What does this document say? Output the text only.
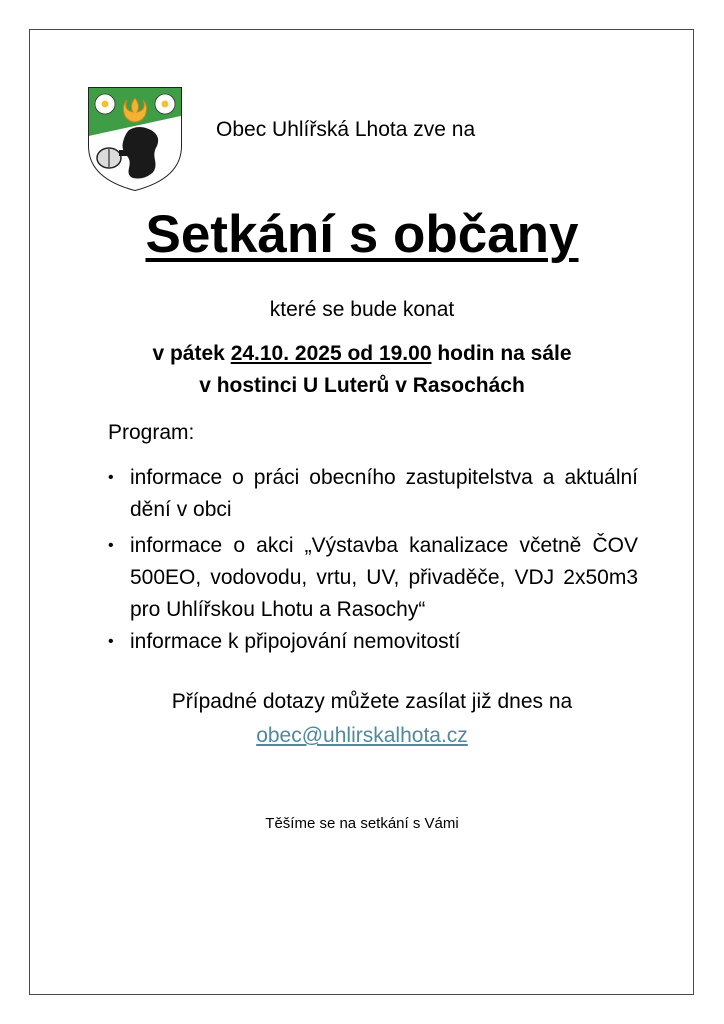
Obec Uhlířská Lhota zve na
Setkání s občany
které se bude konat
v pátek 24.10. 2025 od 19.00 hodin na sále
v hostinci U Luterů v Rasochách
Program:
• informace o práci obecního zastupitelstva a aktuální dění v obci
• informace o akci „Výstavba kanalizace včetně ČOV 500EO, vodovodu, vrtu, UV, přivaděče, VDJ 2x50m3 pro Uhlířskou Lhotu a Rasochy“
• informace k připojování nemovitostí
Případné dotazy můžete zasílat již dnes na
obec@uhlirskalhota.cz
Těšíme se na setkání s Vámi
